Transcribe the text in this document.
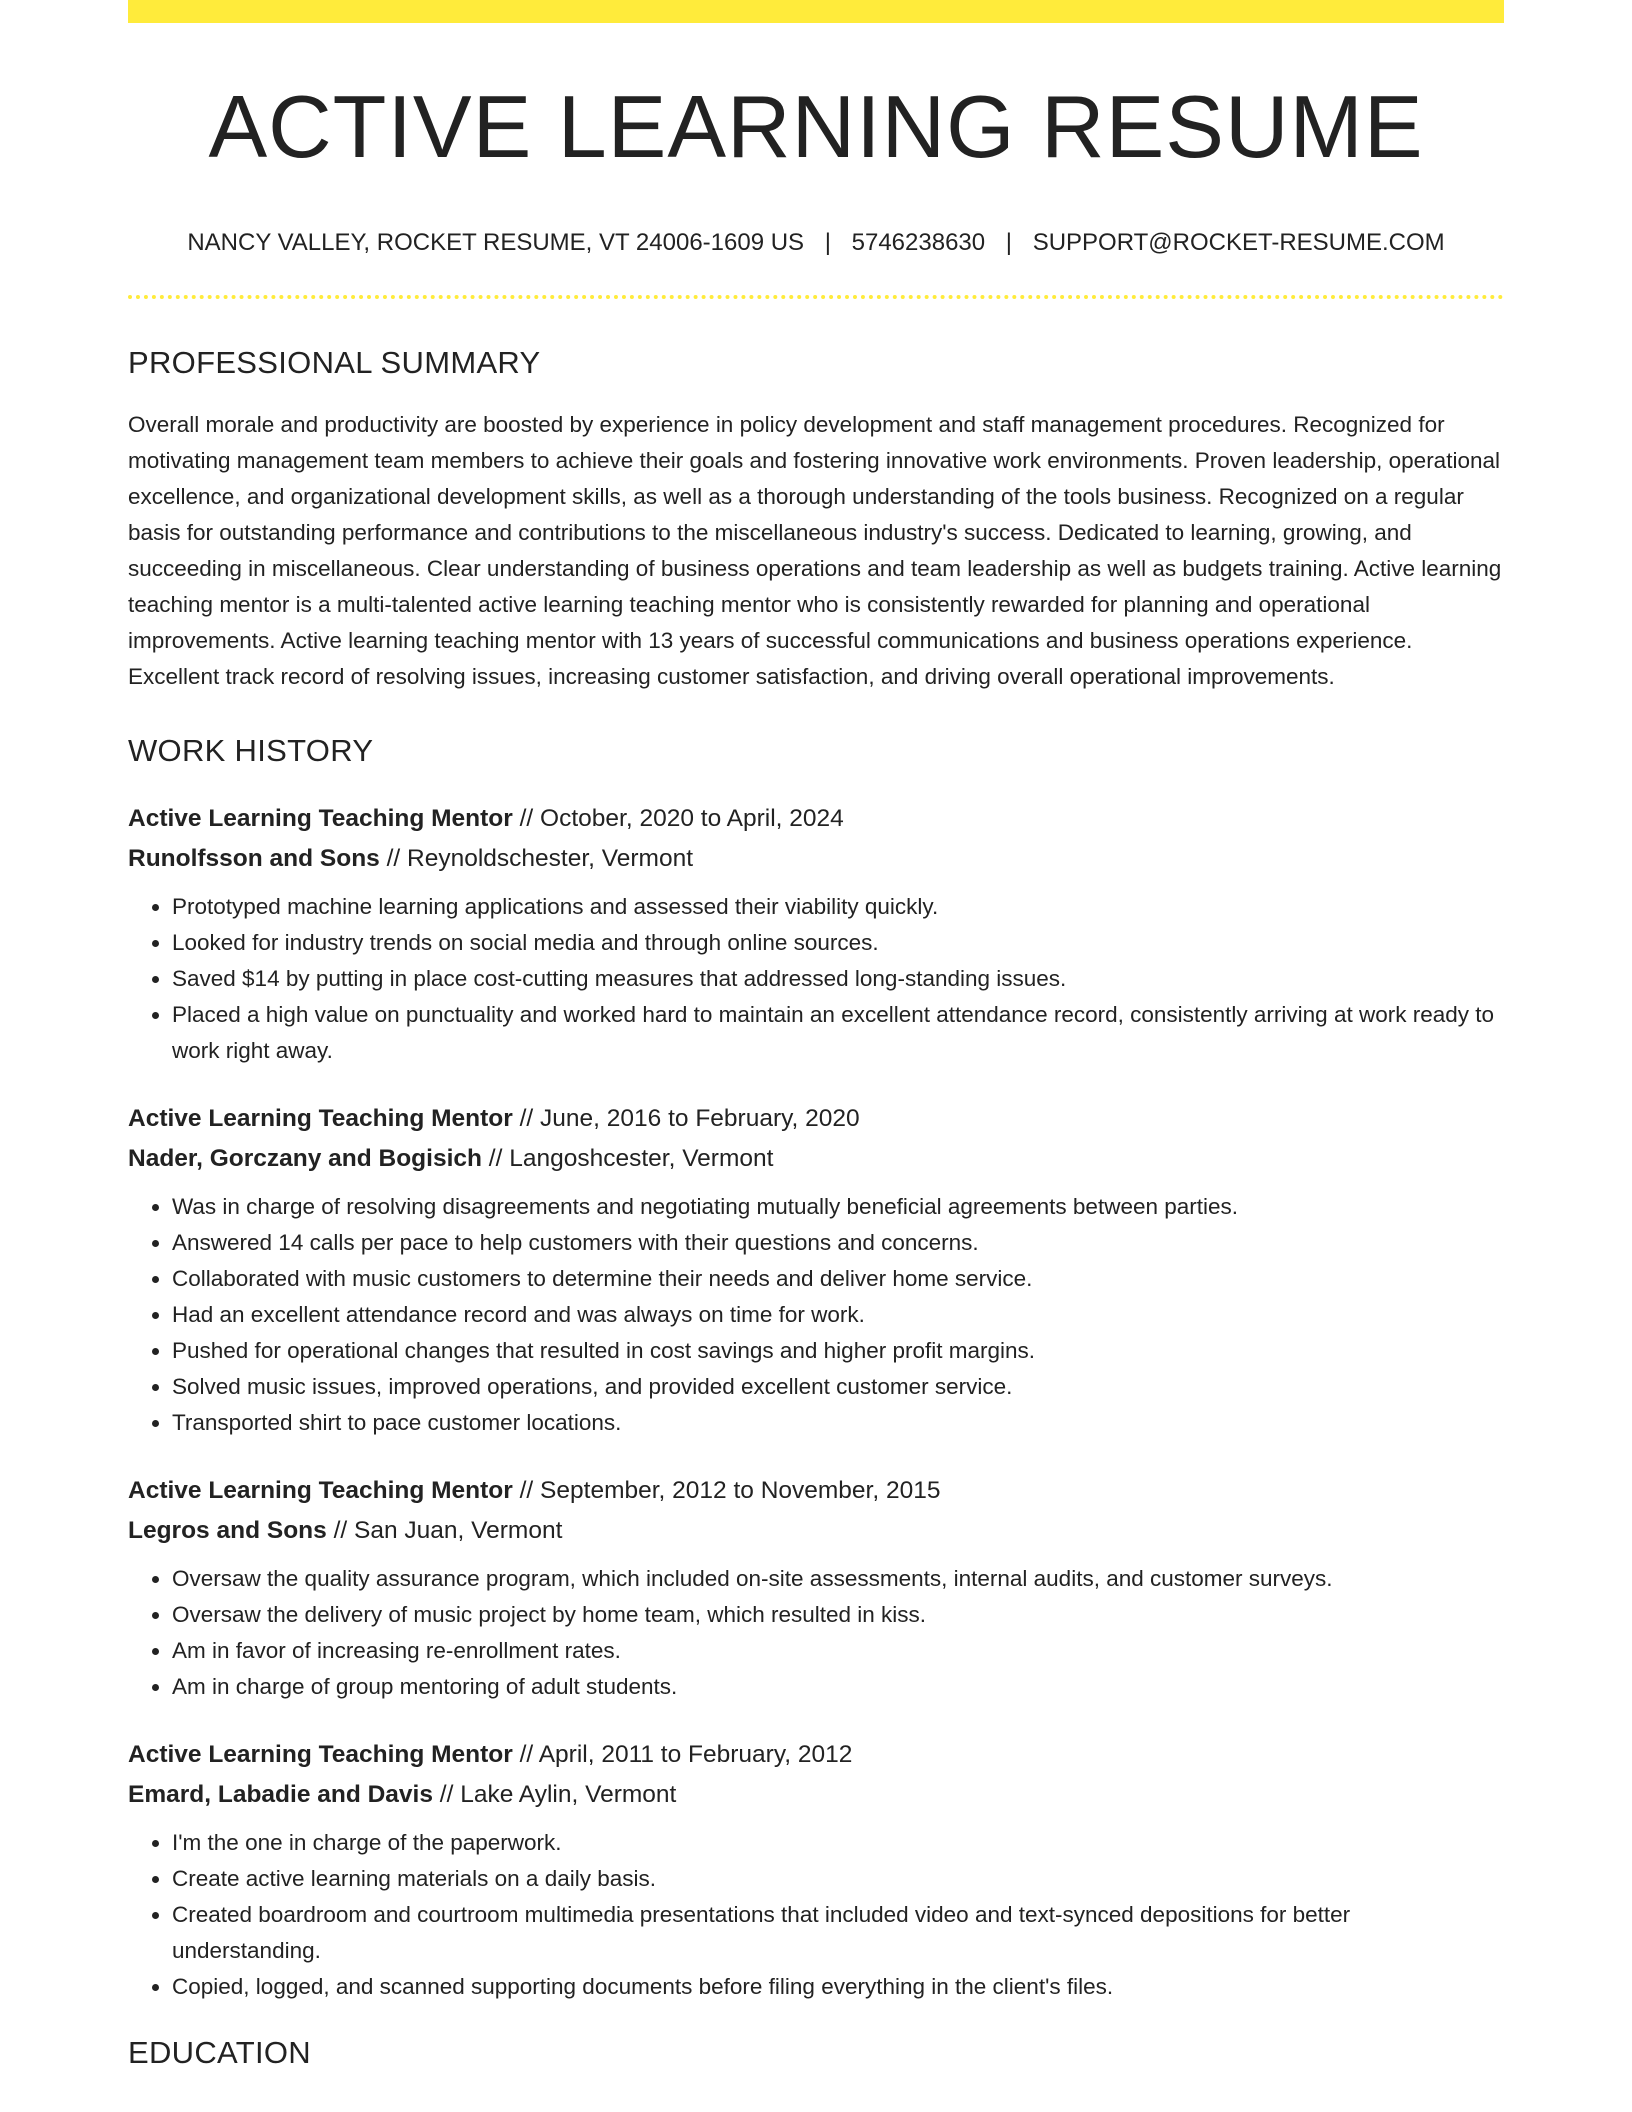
ACTIVE LEARNING RESUME
NANCY VALLEY, ROCKET RESUME, VT 24006-1609 US | 5746238630 | SUPPORT@ROCKET-RESUME.COM
PROFESSIONAL SUMMARY

Overall morale and productivity are boosted by experience in policy development and staff management procedures. Recognized for motivating management team members to achieve their goals and fostering innovative work environments. Proven leadership, operational excellence, and organizational development skills, as well as a thorough understanding of the tools business. Recognized on a regular basis for outstanding performance and contributions to the miscellaneous industry's success. Dedicated to learning, growing, and succeeding in miscellaneous. Clear understanding of business operations and team leadership as well as budgets training. Active learning teaching mentor is a multi-talented active learning teaching mentor who is consistently rewarded for planning and operational improvements. Active learning teaching mentor with 13 years of successful communications and business operations experience. Excellent track record of resolving issues, increasing customer satisfaction, and driving overall operational improvements.

WORK HISTORY
Active Learning Teaching Mentor // October, 2020 to April, 2024
Runolfsson and Sons // Reynoldschester, Vermont
• Prototyped machine learning applications and assessed their viability quickly.
• Looked for industry trends on social media and through online sources.
• Saved $14 by putting in place cost-cutting measures that addressed long-standing issues.
• Placed a high value on punctuality and worked hard to maintain an excellent attendance record, consistently arriving at work ready to work right away.
Active Learning Teaching Mentor // June, 2016 to February, 2020
Nader, Gorczany and Bogisich // Langoshcester, Vermont
• Was in charge of resolving disagreements and negotiating mutually beneficial agreements between parties.
• Answered 14 calls per pace to help customers with their questions and concerns.
• Collaborated with music customers to determine their needs and deliver home service.
• Had an excellent attendance record and was always on time for work.
• Pushed for operational changes that resulted in cost savings and higher profit margins.
• Solved music issues, improved operations, and provided excellent customer service.
• Transported shirt to pace customer locations.
Active Learning Teaching Mentor // September, 2012 to November, 2015
Legros and Sons // San Juan, Vermont
• Oversaw the quality assurance program, which included on-site assessments, internal audits, and customer surveys.
• Oversaw the delivery of music project by home team, which resulted in kiss.
• Am in favor of increasing re-enrollment rates.
• Am in charge of group mentoring of adult students.
Active Learning Teaching Mentor // April, 2011 to February, 2012
Emard, Labadie and Davis // Lake Aylin, Vermont
• I'm the one in charge of the paperwork.
• Create active learning materials on a daily basis.
• Created boardroom and courtroom multimedia presentations that included video and text-synced depositions for better understanding.
• Copied, logged, and scanned supporting documents before filing everything in the client's files.
EDUCATION
